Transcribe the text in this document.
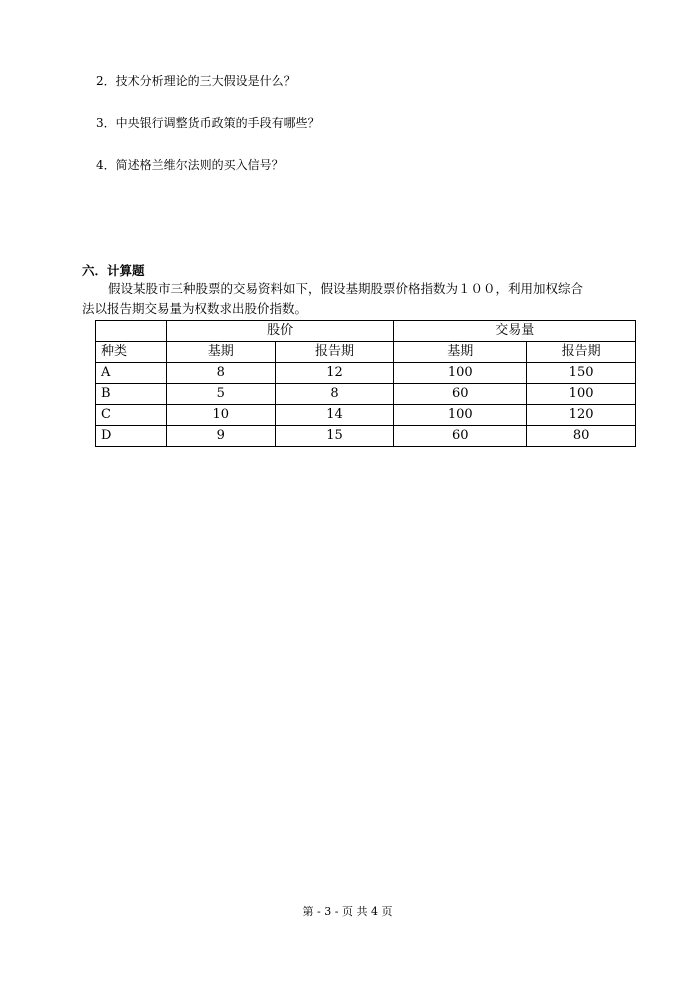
2．技术分析理论的三大假设是什么？
3．中央银行调整货币政策的手段有哪些？
4．简述格兰维尔法则的买入信号？
六．计算题
假设某股市三种股票的交易资料如下，假设基期股票价格指数为１００，利用加权综合
法以报告期交易量为权数求出股价指数。
	股价		交易量	
种类	基期	报告期	基期	报告期
A	8	12	100	150
B	5	8	60	100
C	10	14	100	120
D	9	15	60	80
第 - 3 - 页 共 4 页
